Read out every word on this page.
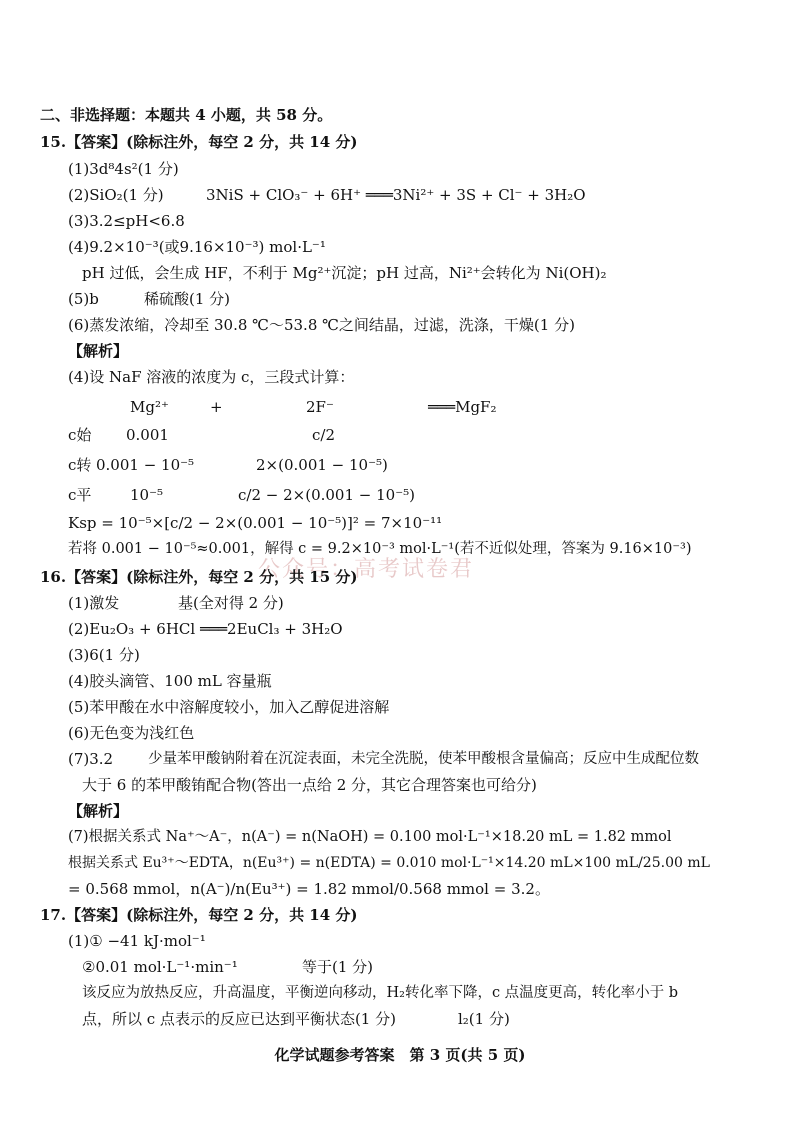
二、非选择题：本题共 4 小题，共 58 分。
15.【答案】(除标注外，每空 2 分，共 14 分)
(1)3d⁸4s²(1 分)
(2)SiO₂(1 分)	3NiS + ClO₃⁻ + 6H⁺ ═══3Ni²⁺ + 3S + Cl⁻ + 3H₂O
(3)3.2≤pH<6.8
(4)9.2×10⁻³(或9.16×10⁻³) mol·L⁻¹
pH 过低，会生成 HF，不利于 Mg²⁺沉淀；pH 过高，Ni²⁺会转化为 Ni(OH)₂
(5)b	稀硫酸(1 分)
(6)蒸发浓缩，冷却至 30.8 ℃～53.8 ℃之间结晶，过滤，洗涤，干燥(1 分)
【解析】
(4)设 NaF 溶液的浓度为 c，三段式计算：
Mg²⁺	+	2F⁻	═══MgF₂
c始 0.001	c/2
c转 0.001 − 10⁻⁵	2×(0.001 − 10⁻⁵)
c平	10⁻⁵	c/2 − 2×(0.001 − 10⁻⁵)
Ksp = 10⁻⁵×[c/2 − 2×(0.001 − 10⁻⁵)]² = 7×10⁻¹¹
若将 0.001 − 10⁻⁵≈0.001，解得 c = 9.2×10⁻³ mol·L⁻¹(若不近似处理，答案为 9.16×10⁻³)
公众号：高考试卷君
16.【答案】(除标注外，每空 2 分，共 15 分)
(1)激发	基(全对得 2 分)
(2)Eu₂O₃ + 6HCl ═══2EuCl₃ + 3H₂O
(3)6(1 分)
(4)胶头滴管、100 mL 容量瓶
(5)苯甲酸在水中溶解度较小，加入乙醇促进溶解
(6)无色变为浅红色
(7)3.2 少量苯甲酸钠附着在沉淀表面，未完全洗脱，使苯甲酸根含量偏高；反应中生成配位数
大于 6 的苯甲酸铕配合物(答出一点给 2 分，其它合理答案也可给分)
【解析】
(7)根据关系式 Na⁺～A⁻，n(A⁻) = n(NaOH) = 0.100 mol·L⁻¹×18.20 mL = 1.82 mmol
根据关系式 Eu³⁺～EDTA，n(Eu³⁺) = n(EDTA) = 0.010 mol·L⁻¹×14.20 mL×100 mL/25.00 mL
= 0.568 mmol，n(A⁻)/n(Eu³⁺) = 1.82 mmol/0.568 mmol = 3.2。
17.【答案】(除标注外，每空 2 分，共 14 分)
(1)① −41 kJ·mol⁻¹
②0.01 mol·L⁻¹·min⁻¹	等于(1 分)
该反应为放热反应，升高温度，平衡逆向移动，H₂转化率下降，c 点温度更高，转化率小于 b
点，所以 c 点表示的反应已达到平衡状态(1 分)	l₂(1 分)
化学试题参考答案　第 3 页(共 5 页)
